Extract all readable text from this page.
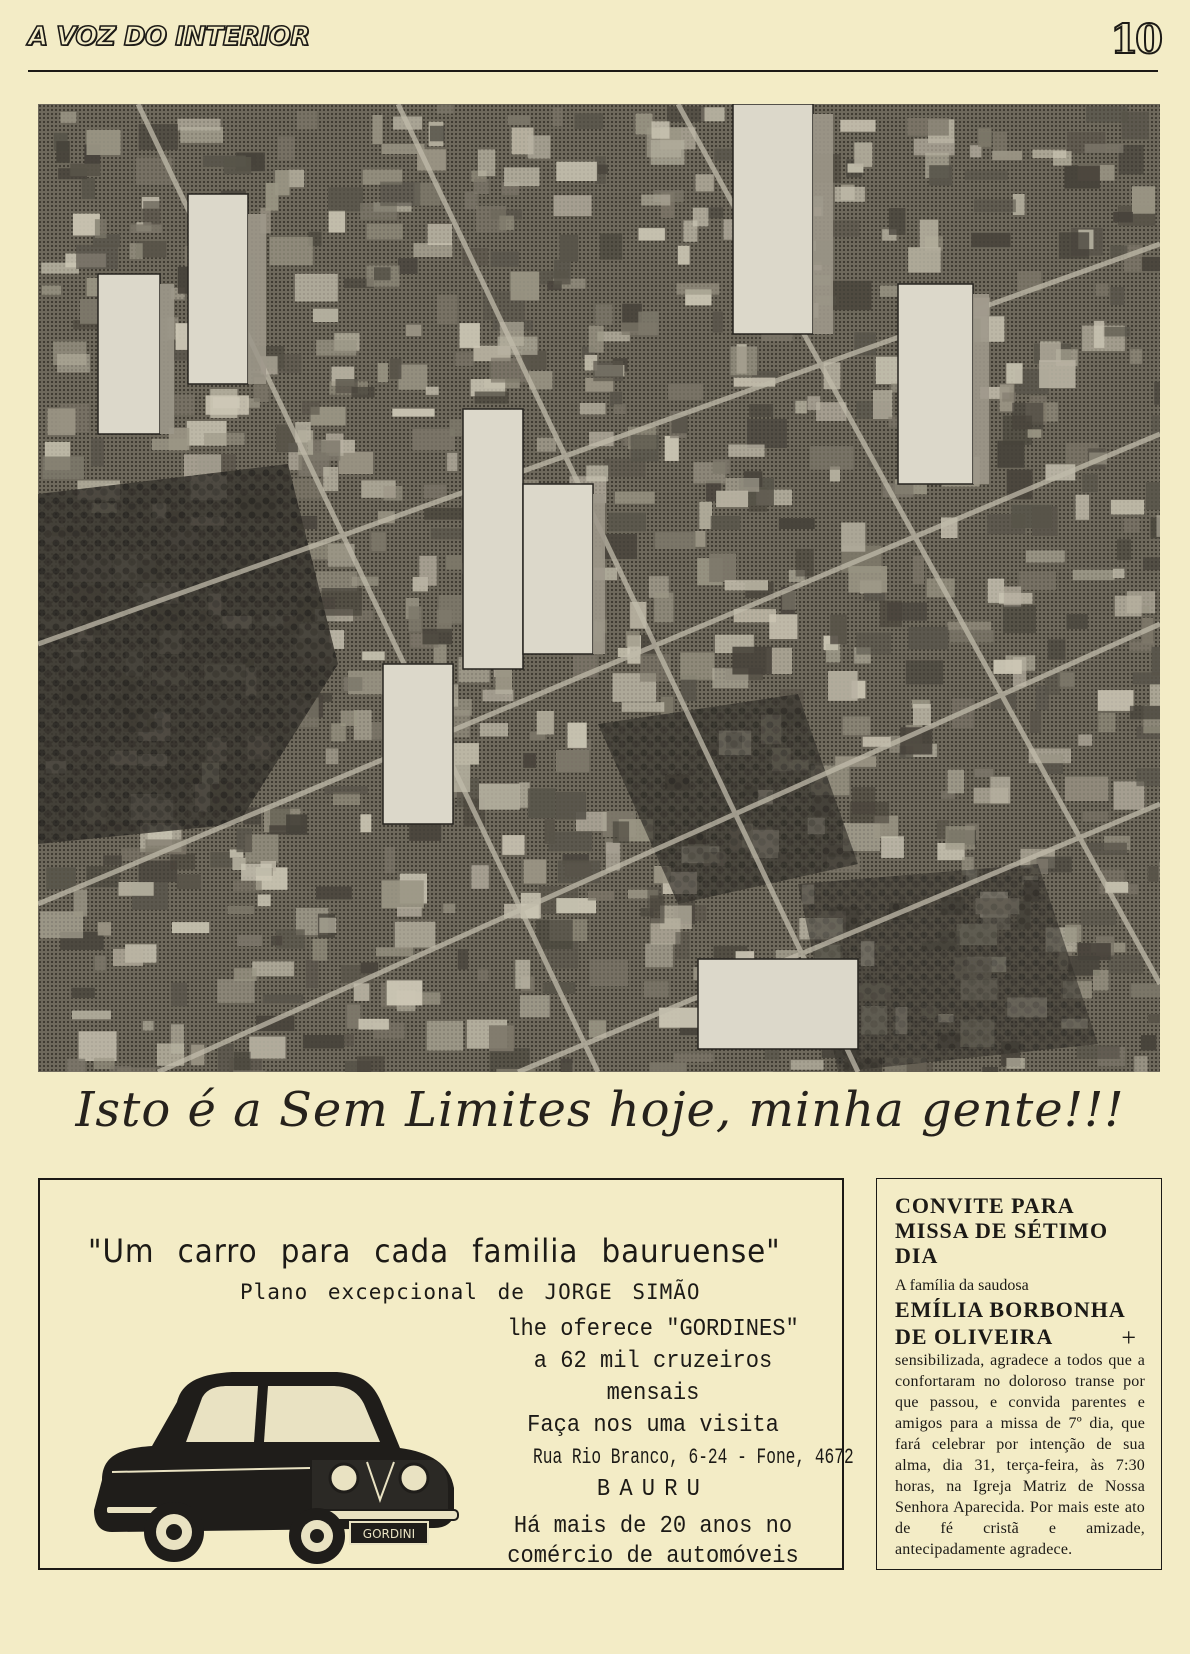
A VOZ DO INTERIOR	10
Isto é a Sem Limites hoje, minha gente!!!
"Um carro para cada familia bauruense"
Plano excepcional de JORGE SIMÃO
lhe oferece "GORDINES"
a 62 mil cruzeiros mensais
Faça nos uma visita
Rua Rio Branco, 6-24 - Fone, 4672
BAURU
Há mais de 20 anos no
comércio de automóveis
GORDINI
CONVITE PARA MISSA DE SÉTIMO DIA
A família da saudosa
EMÍLIA BORBONHA DE OLIVEIRA	+
sensibilizada, agradece a todos que a confortaram no doloroso transe por que passou, e convida parentes e amigos para a missa de 7º dia, que fará celebrar por intenção de sua alma, dia 31, terça-feira, às 7:30 horas, na Igreja Matriz de Nossa Senhora Aparecida. Por mais este ato de fé cristã e amizade, antecipadamente agradece.
